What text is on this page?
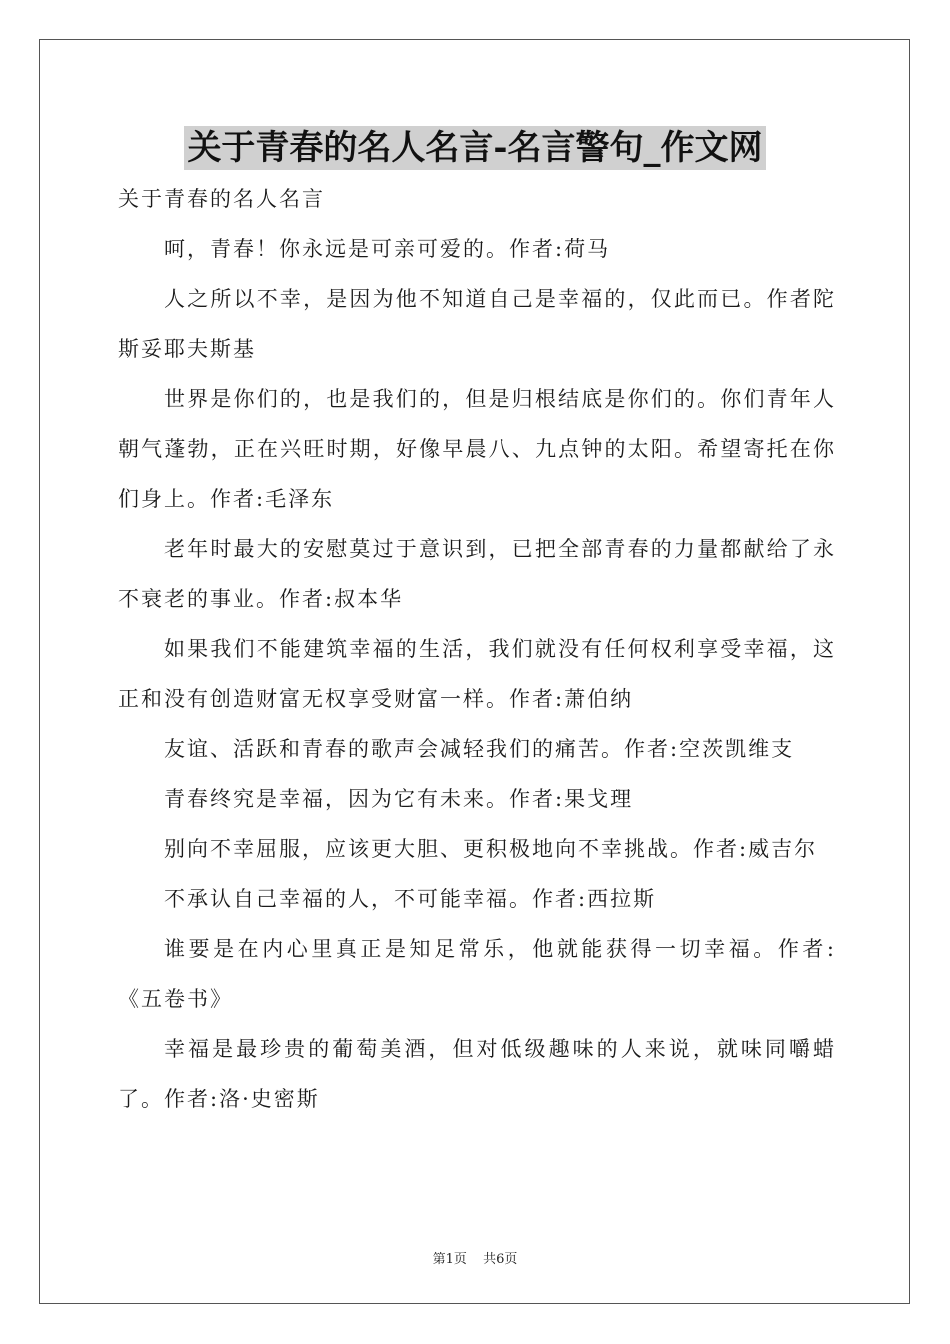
关于青春的名人名言-名言警句_作文网

关于青春的名人名言

呵，青春！你永远是可亲可爱的。作者:荷马

人之所以不幸，是因为他不知道自己是幸福的，仅此而已。作者陀斯妥耶夫斯基

世界是你们的，也是我们的，但是归根结底是你们的。你们青年人朝气蓬勃，正在兴旺时期，好像早晨八、九点钟的太阳。希望寄托在你们身上。作者:毛泽东

老年时最大的安慰莫过于意识到，已把全部青春的力量都献给了永不衰老的事业。作者:叔本华

如果我们不能建筑幸福的生活，我们就没有任何权利享受幸福，这正和没有创造财富无权享受财富一样。作者:萧伯纳

友谊、活跃和青春的歌声会减轻我们的痛苦。作者:空茨凯维支

青春终究是幸福，因为它有未来。作者:果戈理

别向不幸屈服，应该更大胆、更积极地向不幸挑战。作者:威吉尔

不承认自己幸福的人，不可能幸福。作者:西拉斯

谁要是在内心里真正是知足常乐，他就能获得一切幸福。作者:《五卷书》

幸福是最珍贵的葡萄美酒，但对低级趣味的人来说，就味同嚼蜡了。作者:洛·史密斯

第1页 共6页
